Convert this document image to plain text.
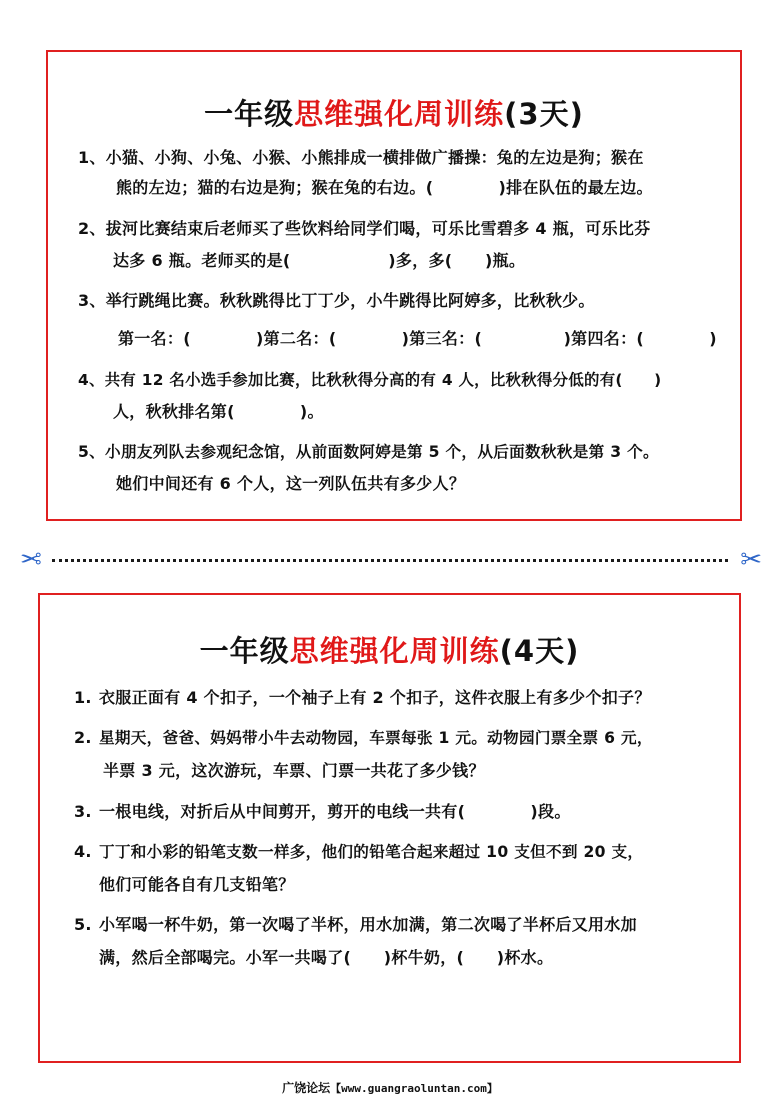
一年级思维强化周训练(3天)
1、小猫、小狗、小兔、小猴、小熊排成一横排做广播操：兔的左边是狗；猴在
熊的左边；猫的右边是狗；猴在兔的右边。(　　　　)排在队伍的最左边。
2、拔河比赛结束后老师买了些饮料给同学们喝，可乐比雪碧多 4 瓶，可乐比芬
达多 6 瓶。老师买的是(　　　　　　)多，多(　　)瓶。
3、举行跳绳比赛。秋秋跳得比丁丁少，小牛跳得比阿婷多，比秋秋少。
第一名：(　　　　)第二名：(　　　　)第三名：(　　　　　)第四名：(　　　　)
4、共有 12 名小选手参加比赛，比秋秋得分高的有 4 人，比秋秋得分低的有(　　)
人，秋秋排名第(　　　　)。
5、小朋友列队去参观纪念馆，从前面数阿婷是第 5 个，从后面数秋秋是第 3 个。
她们中间还有 6 个人，这一列队伍共有多少人？
✂	✂
一年级思维强化周训练(4天)
1. 衣服正面有 4 个扣子，一个袖子上有 2 个扣子，这件衣服上有多少个扣子？
2. 星期天，爸爸、妈妈带小牛去动物园，车票每张 1 元。动物园门票全票 6 元，
半票 3 元，这次游玩，车票、门票一共花了多少钱？
3. 一根电线，对折后从中间剪开，剪开的电线一共有(　　　　)段。
4. 丁丁和小彩的铅笔支数一样多，他们的铅笔合起来超过 10 支但不到 20 支，
他们可能各自有几支铅笔？
5. 小军喝一杯牛奶，第一次喝了半杯，用水加满，第二次喝了半杯后又用水加
满，然后全部喝完。小军一共喝了(　　)杯牛奶，(　　)杯水。
广饶论坛【www.guangraoluntan.com】
